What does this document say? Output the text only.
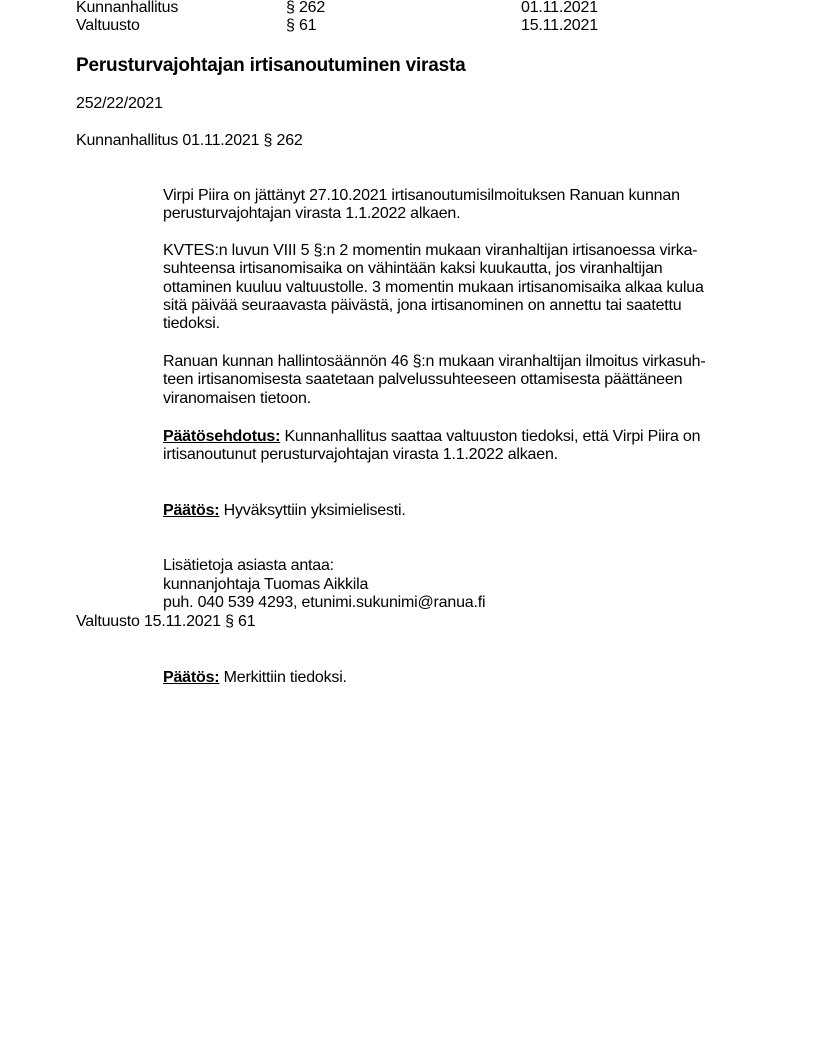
Kunnanhallitus	§ 262	01.11.2021
Valtuusto	§ 61	15.11.2021
Perusturvajohtajan irtisanoutuminen virasta
252/22/2021
Kunnanhallitus 01.11.2021 § 262
Virpi Piira on jättänyt 27.10.2021 irtisanoutumisilmoituksen Ranuan kunnan
perusturvajohtajan virasta 1.1.2022 alkaen.
KVTES:n luvun VIII 5 §:n 2 momentin mukaan viranhaltijan irtisanoessa virka-
suhteensa irtisanomisaika on vähintään kaksi kuukautta, jos viranhaltijan
ottaminen kuuluu valtuustolle. 3 momentin mukaan irtisanomisaika alkaa kulua
sitä päivää seuraavasta päivästä, jona irtisanominen on annettu tai saatettu
tiedoksi.
Ranuan kunnan hallintosäännön 46 §:n mukaan viranhaltijan ilmoitus virkasuh-
teen irtisanomisesta saatetaan palvelussuhteeseen ottamisesta päättäneen
viranomaisen tietoon.
Päätösehdotus: Kunnanhallitus saattaa valtuuston tiedoksi, että Virpi Piira on
irtisanoutunut perusturvajohtajan virasta 1.1.2022 alkaen.
Päätös: Hyväksyttiin yksimielisesti.
Lisätietoja asiasta antaa:
kunnanjohtaja Tuomas Aikkila
puh. 040 539 4293, etunimi.sukunimi@ranua.fi
Valtuusto 15.11.2021 § 61
Päätös: Merkittiin tiedoksi.
